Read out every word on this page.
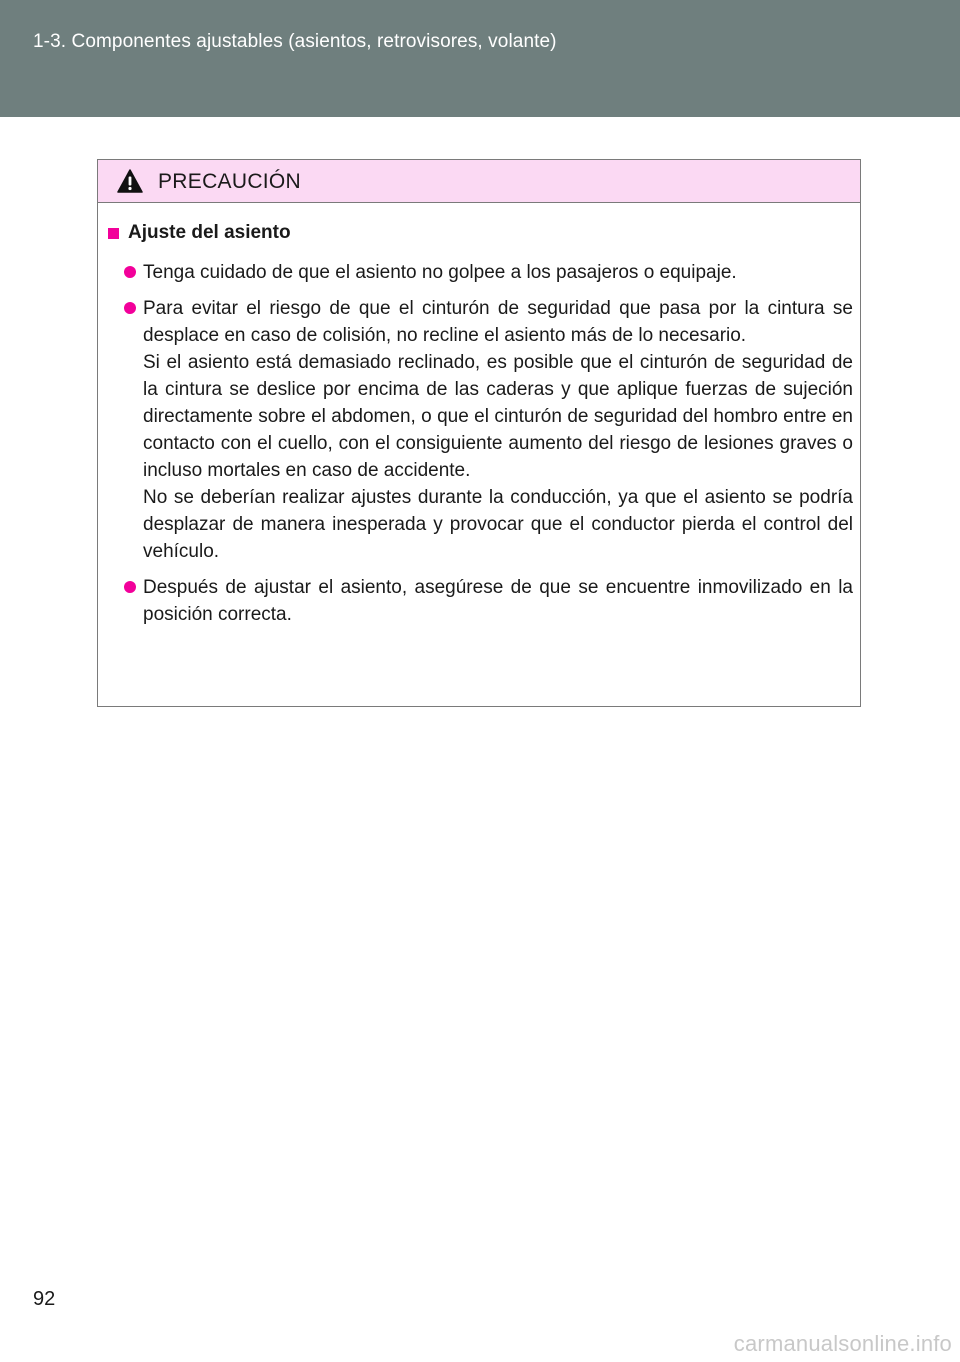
1-3. Componentes ajustables (asientos, retrovisores, volante)
PRECAUCIÓN
Ajuste del asiento
Tenga cuidado de que el asiento no golpee a los pasajeros o equipaje.
Para evitar el riesgo de que el cinturón de seguridad que pasa por la cintura se desplace en caso de colisión, no recline el asiento más de lo necesario.
Si el asiento está demasiado reclinado, es posible que el cinturón de seguridad de la cintura se deslice por encima de las caderas y que aplique fuerzas de sujeción directamente sobre el abdomen, o que el cinturón de seguridad del hombro entre en contacto con el cuello, con el consiguiente aumento del riesgo de lesiones graves o incluso mortales en caso de accidente.
No se deberían realizar ajustes durante la conducción, ya que el asiento se podría desplazar de manera inesperada y provocar que el conductor pierda el control del vehículo.
Después de ajustar el asiento, asegúrese de que se encuentre inmovilizado en la posición correcta.
92
carmanualsonline.info
